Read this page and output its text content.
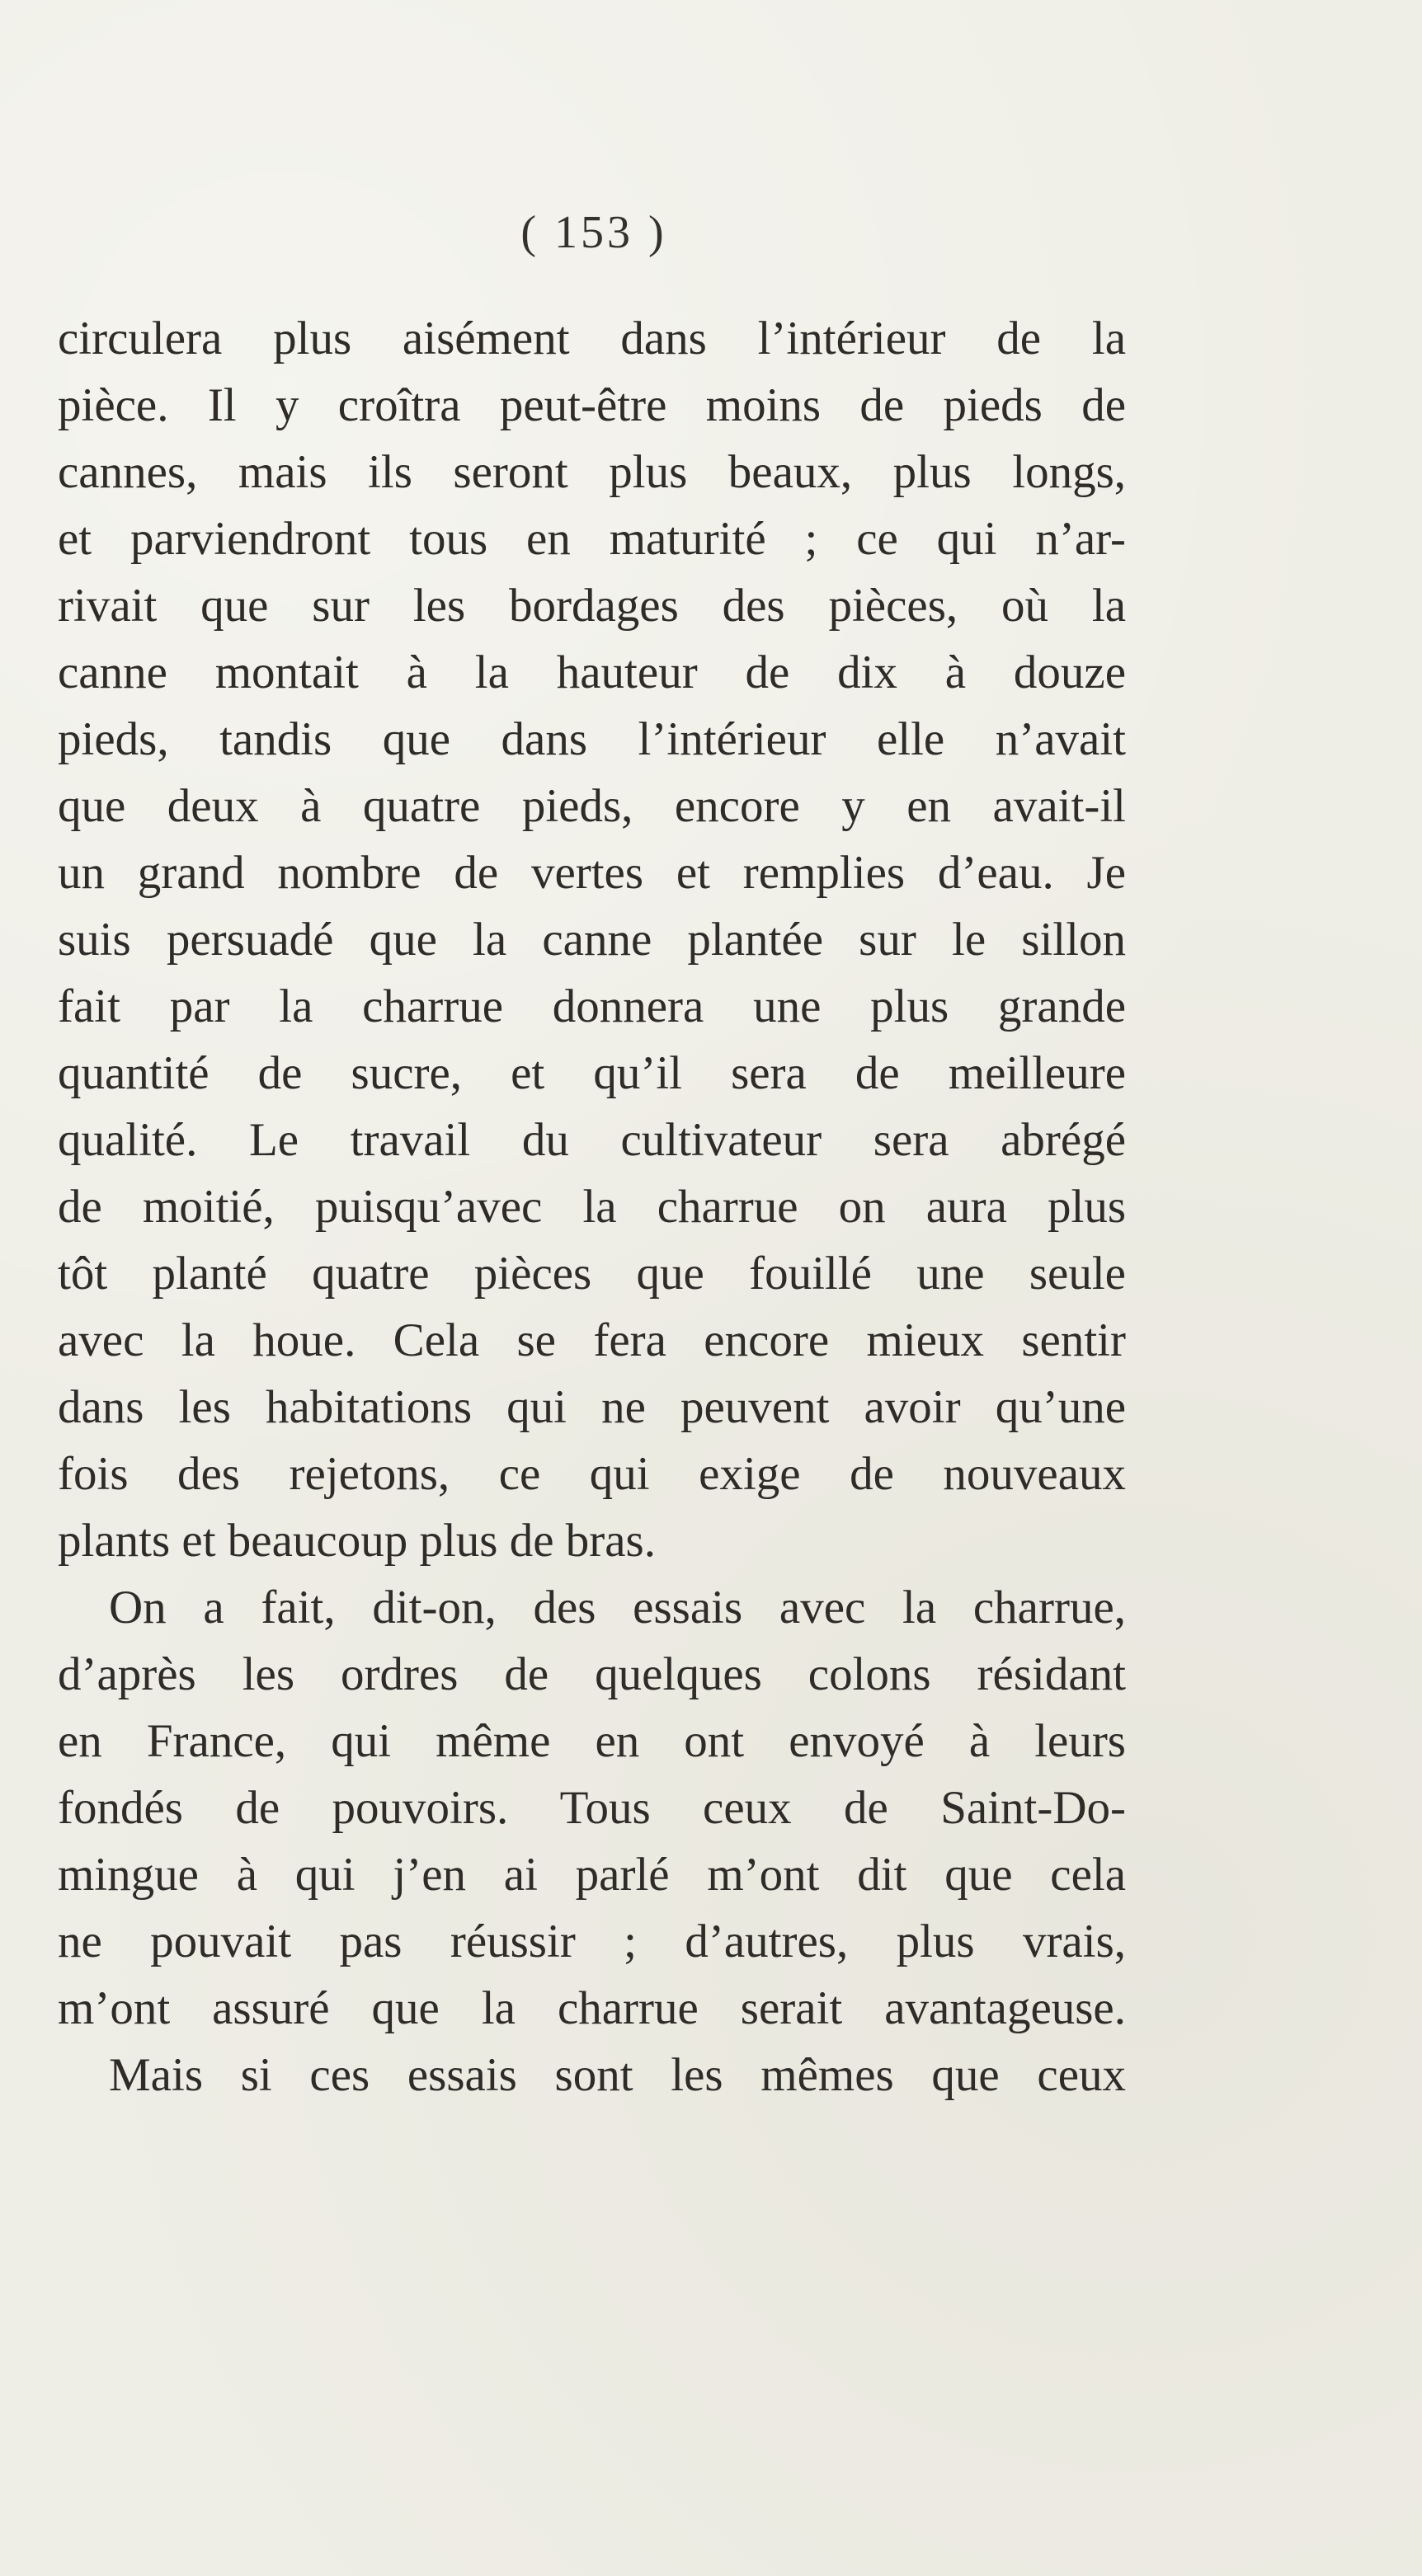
( 153 )
circulera plus aisément dans l’intérieur de la
pièce. Il y croîtra peut-être moins de pieds de
cannes, mais ils seront plus beaux, plus longs,
et parviendront tous en maturité ; ce qui n’ar-
rivait que sur les bordages des pièces, où la
canne montait à la hauteur de dix à douze
pieds, tandis que dans l’intérieur elle n’avait
que deux à quatre pieds, encore y en avait-il
un grand nombre de vertes et remplies d’eau. Je
suis persuadé que la canne plantée sur le sillon
fait par la charrue donnera une plus grande
quantité de sucre, et qu’il sera de meilleure
qualité. Le travail du cultivateur sera abrégé
de moitié, puisqu’avec la charrue on aura plus
tôt planté quatre pièces que fouillé une seule
avec la houe. Cela se fera encore mieux sentir
dans les habitations qui ne peuvent avoir qu’une
fois des rejetons, ce qui exige de nouveaux
plants et beaucoup plus de bras.
On a fait, dit-on, des essais avec la charrue,
d’après les ordres de quelques colons résidant
en France, qui même en ont envoyé à leurs
fondés de pouvoirs. Tous ceux de Saint-Do-
mingue à qui j’en ai parlé m’ont dit que cela
ne pouvait pas réussir ; d’autres, plus vrais,
m’ont assuré que la charrue serait avantageuse.
Mais si ces essais sont les mêmes que ceux
